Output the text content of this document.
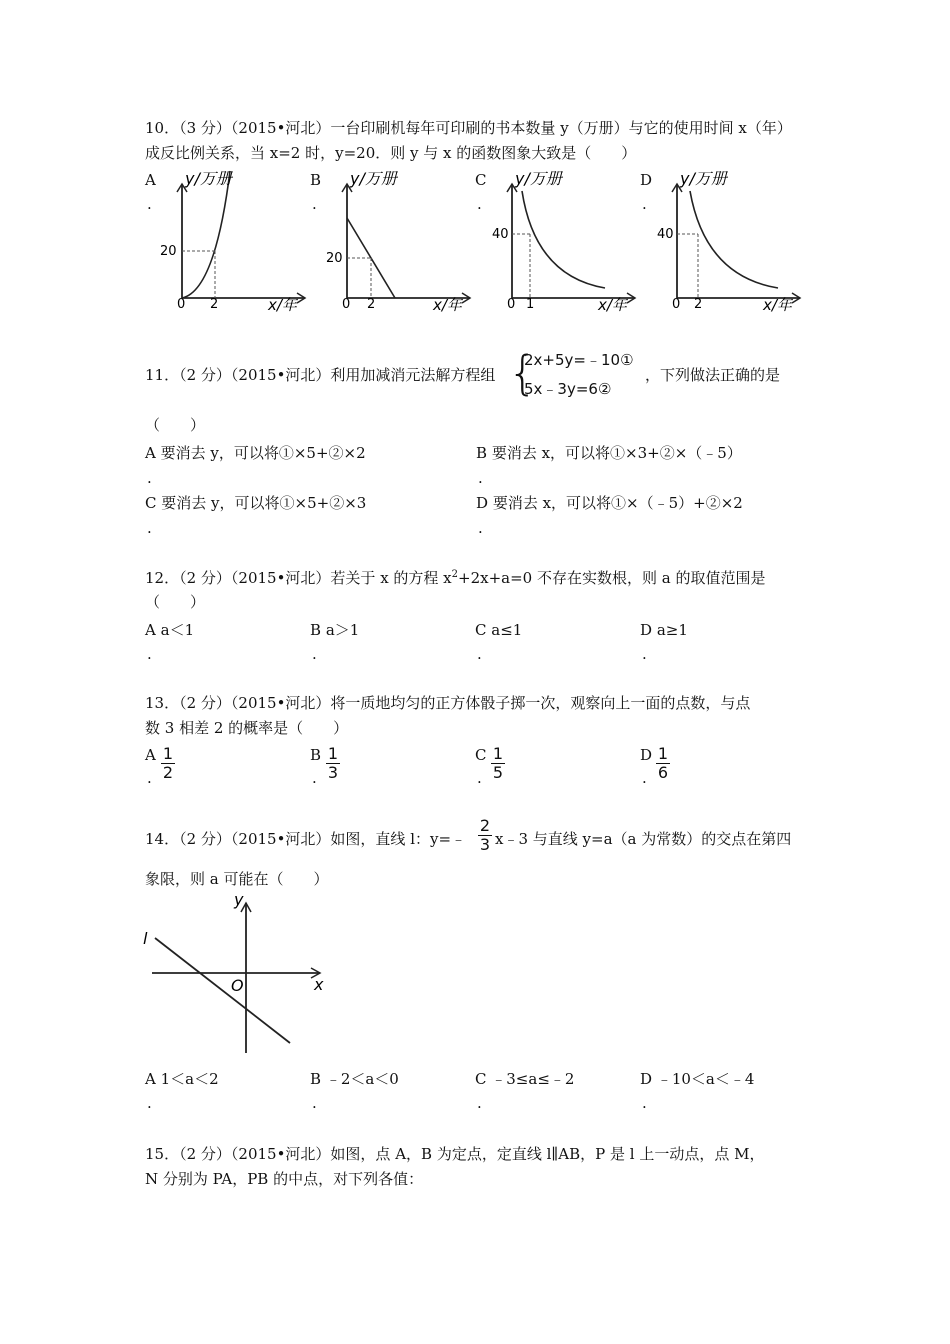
10．（3 分）（2015•河北）一台印刷机每年可印刷的书本数量 y（万册）与它的使用时间 x（年）
成反比例关系，当 x=2 时，y=20．则 y 与 x 的函数图象大致是（　　）
A
.
y/万册
x/年
0 2
20
B
.
y/万册
x/年
0 2
20
C
.
y/万册
x/年
0 1
40
D
.
y/万册
x/年
0 2
40
11．（2 分）（2015•河北）利用加减消元法解方程组 {
2x+5y=﹣10①
5x﹣3y=6②
，下列做法正确的是
（　　）
A 要消去 y，可以将①×5+②×2
.
B 要消去 x，可以将①×3+②×（﹣5）
.
C 要消去 y，可以将①×5+②×3
.
D 要消去 x，可以将①×（﹣5）+②×2
.
12．（2 分）（2015•河北）若关于 x 的方程 $x^2+2x+a=0$ 不存在实数根，则 a 的取值范围是
（　　）
A a＜1
.
B a＞1
.
C a≤1
.
D a≥1
.
13．（2 分）（2015•河北）将一质地均匀的正方体骰子掷一次，观察向上一面的点数，与点
数 3 相差 2 的概率是（　　）
A
.
1
2
B
.
1
3
C
.
1
5
D
.
1
6
14．（2 分）（2015•河北）如图，直线 l：y=﹣
2
3 x﹣3 与直线 y=a（a 为常数）的交点在第四
象限，则 a 可能在（　　）
y
x
O
l
A 1＜a＜2
.
B ﹣2＜a＜0
.
C ﹣3≤a≤﹣2
.
D ﹣10＜a＜﹣4
.
15．（2 分）（2015•河北）如图，点 A，B 为定点，定直线 l∥AB，P 是 l 上一动点，点 M，
N 分别为 PA，PB 的中点，对下列各值：
